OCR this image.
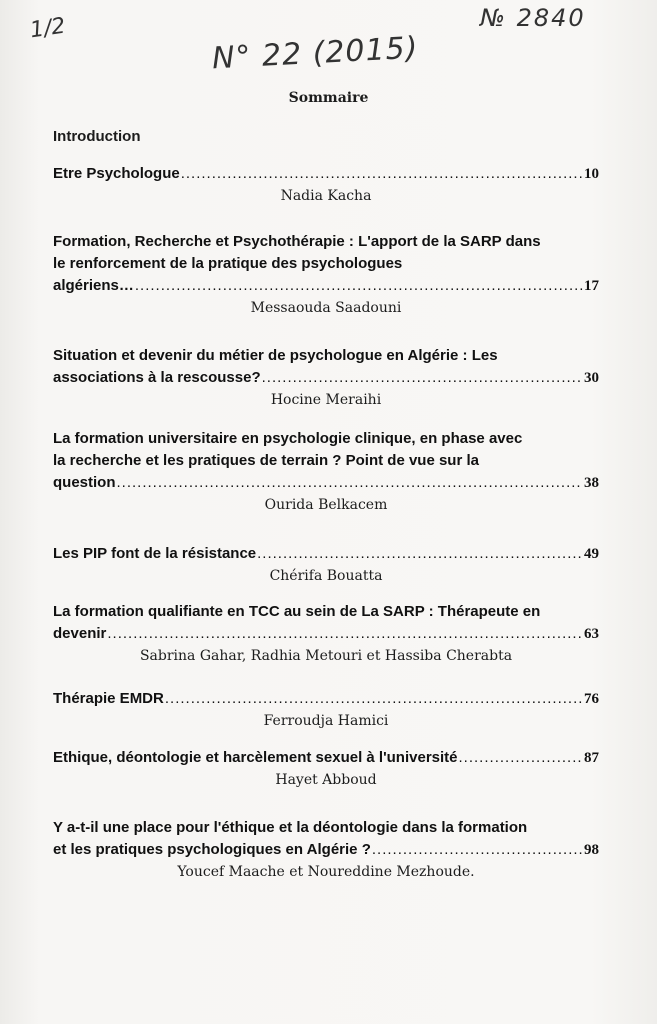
1/2	№ 2840
N° 22 (2015)
Sommaire
Introduction
Etre Psychologue .....	10
Nadia Kacha
Formation, Recherche et Psychothérapie : L'apport de la SARP dans
le renforcement de la pratique des psychologues
algériens… .....	17
Messaouda Saadouni
Situation et devenir du métier de psychologue en Algérie : Les
associations à la rescousse? .....	30
Hocine Meraihi
La formation universitaire en psychologie clinique, en phase avec
la recherche et les pratiques de terrain ? Point de vue sur la
question .....	38
Ourida Belkacem
Les PIP font de la résistance .....	49
Chérifa Bouatta
La formation qualifiante en TCC au sein de La SARP : Thérapeute en
devenir .....	63
Sabrina Gahar, Radhia Metouri et Hassiba Cherabta
Thérapie EMDR .....	76
Ferroudja Hamici
Ethique, déontologie et harcèlement sexuel à l'université .....	87
Hayet Abboud
Y a-t-il une place pour l'éthique et la déontologie dans la formation
et les pratiques psychologiques en Algérie ? .....	98
Youcef Maache et Noureddine Mezhoude.
